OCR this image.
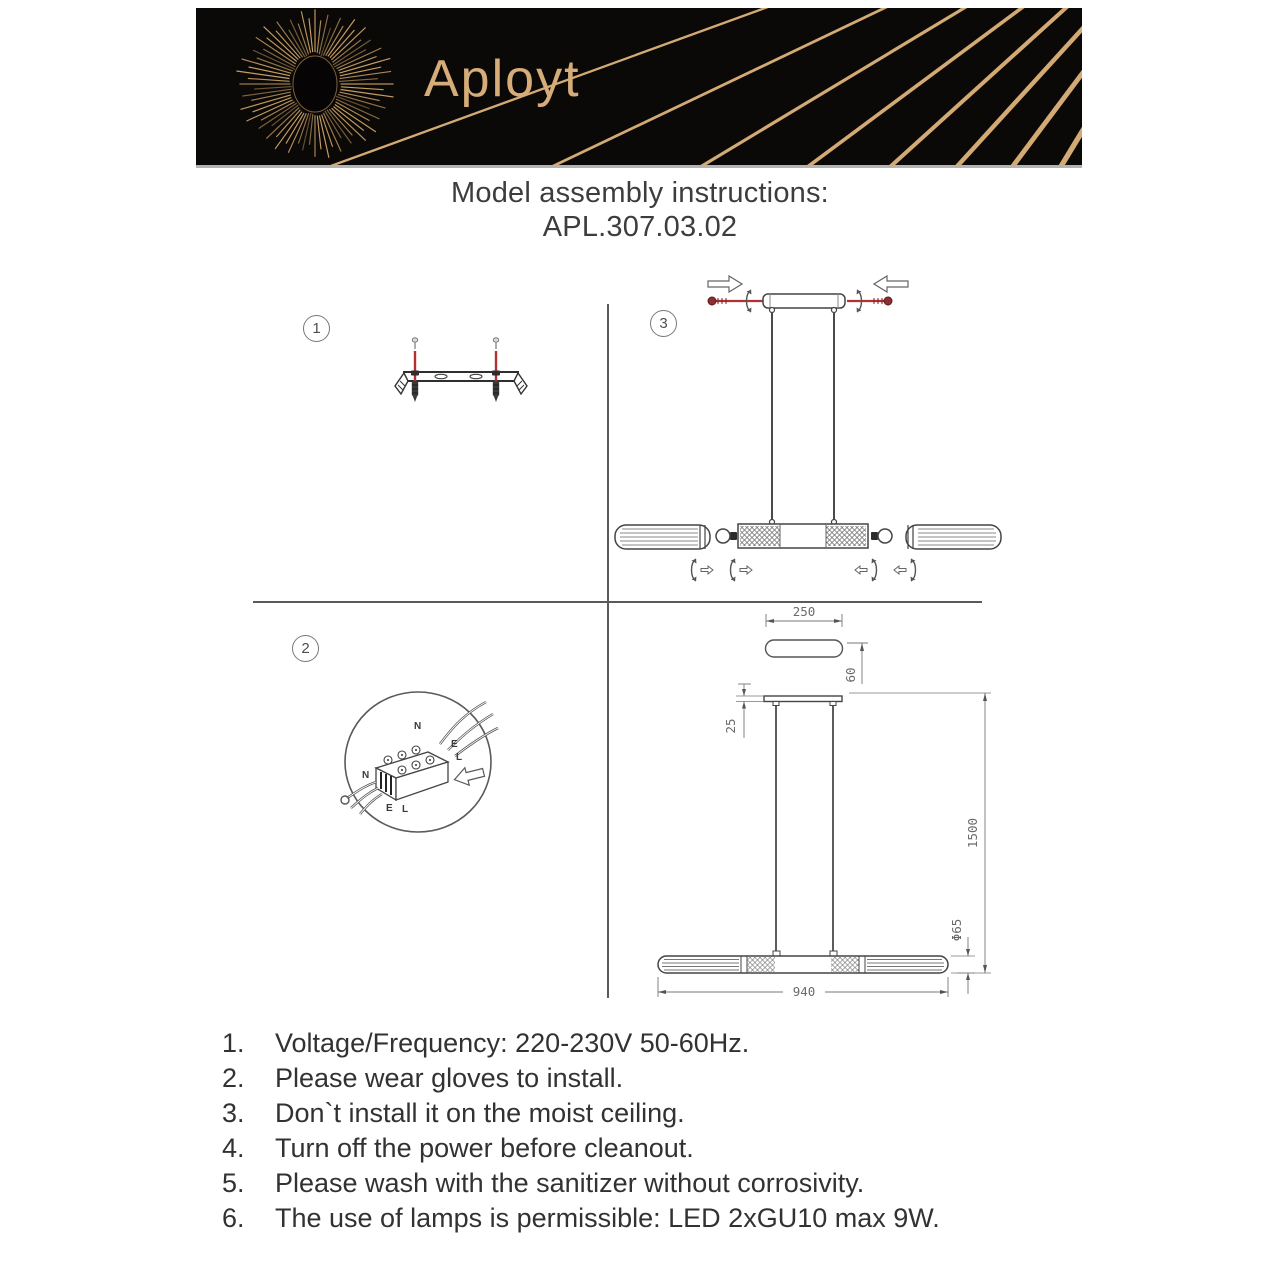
Aployt
Model assembly instructions:
APL.307.03.02
1
2
3
N
E
L
N
E L
250
60
25
1500
Φ65
940
1.	Voltage/Frequency: 220-230V 50-60Hz.
2.	Please wear gloves to install.
3.	Don`t install it on the moist ceiling.
4.	Turn off the power before cleanout.
5.	Please wash with the sanitizer without corrosivity.
6.	The use of lamps is permissible: LED 2xGU10 max 9W.
